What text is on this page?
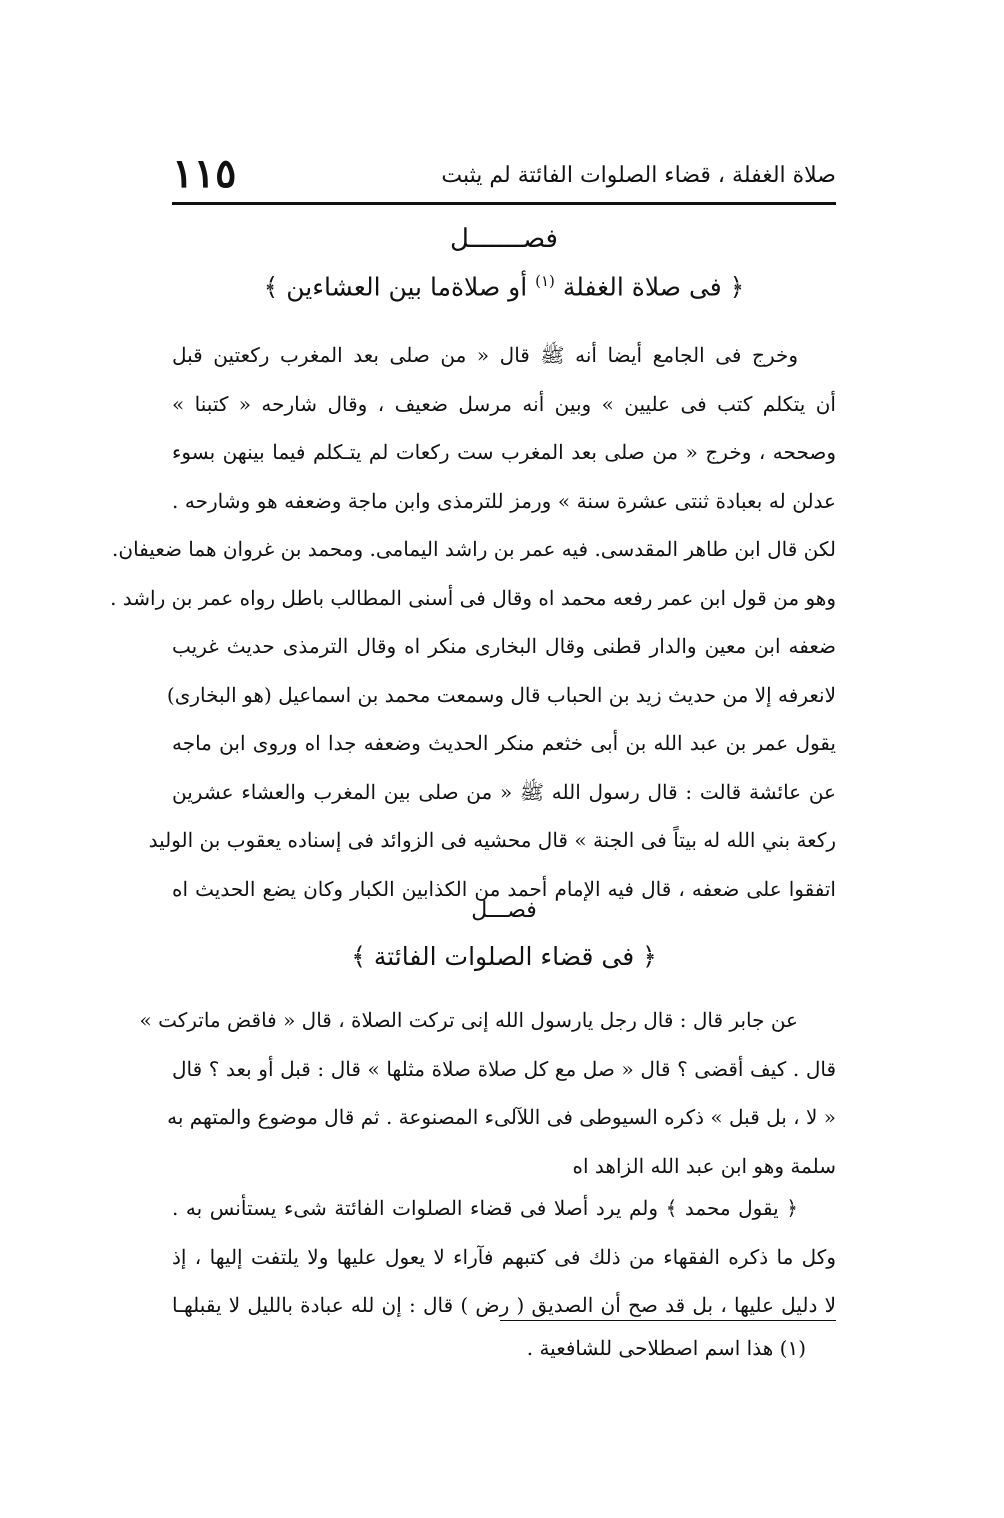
١١٥	صلاة الغفلة ، قضاء الصلوات الفائتة لم يثبت
فصـــــــل
﴿ فى صلاة الغفلة $^{(١)}$ أو صلاةما بين العشاءين ﴾
وخرج فى الجامع أيضا أنه ﷺ قال « من صلى بعد المغرب ركعتين قبل
أن يتكلم كتب فى عليين » وبين أنه مرسل ضعيف ، وقال شارحه « كتبنا »
وصححه ، وخرج « من صلى بعد المغرب ست ركعات لم يتـكلم فيما بينهن بسوء
عدلن له بعبادة ثنتى عشرة سنة » ورمز للترمذى وابن ماجة وضعفه هو وشارحه .
لكن قال ابن طاهر المقدسى. فيه عمر بن راشد اليمامى. ومحمد بن غروان هما ضعيفان.
وهو من قول ابن عمر رفعه محمد اه وقال فى أسنى المطالب باطل رواه عمر بن راشد .
ضعفه ابن معين والدار قطنى وقال البخارى منكر اه وقال الترمذى حديث غريب
لانعرفه إلا من حديث زيد بن الحباب قال وسمعت محمد بن اسماعيل (هو البخارى)
يقول عمر بن عبد الله بن أبى خثعم منكر الحديث وضعفه جدا اه وروى ابن ماجه
عن عائشة قالت : قال رسول الله ﷺ « من صلى بين المغرب والعشاء عشرين
ركعة بني الله له بيتاً فى الجنة » قال محشيه فى الزوائد فى إسناده يعقوب بن الوليد
اتفقوا على ضعفه ، قال فيه الإمام أحمد من الكذابين الكبار وكان يضع الحديث اه
فصـــل
﴿ فى قضاء الصلوات الفائتة ﴾
عن جابر قال : قال رجل يارسول الله إنى تركت الصلاة ، قال « فاقض ماتركت »
قال . كيف أقضى ؟ قال « صل مع كل صلاة صلاة مثلها » قال : قبل أو بعد ؟ قال
« لا ، بل قبل » ذكره السيوطى فى اللآلىء المصنوعة . ثم قال موضوع والمتهم به
سلمة وهو ابن عبد الله الزاهد اه
﴿ يقول محمد ﴾ ولم يرد أصلا فى قضاء الصلوات الفائتة شىء يستأنس به .
وكل ما ذكره الفقهاء من ذلك فى كتبهم فآراء لا يعول عليها ولا يلتفت إليها ، إذ
لا دليل عليها ، بل قد صح أن الصديق ( رض ) قال : إن لله عبادة بالليل لا يقبلهـا
(١) هذا اسم اصطلاحى للشافعية .
